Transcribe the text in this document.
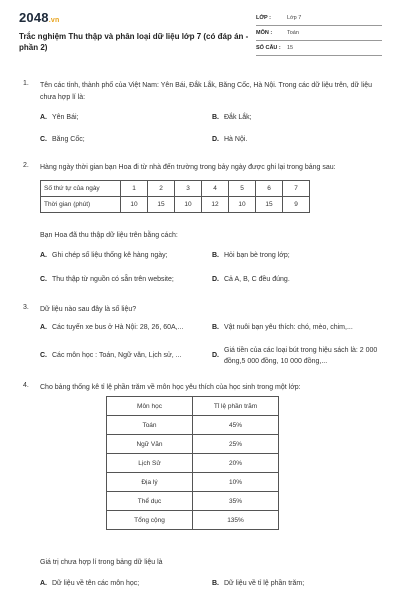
2048.vn
Trắc nghiệm Thu thập và phân loại dữ liệu lớp 7 (có đáp án - phần 2)
LỚP :	Lớp 7
MÔN :	Toán
SỐ CÂU : 15
1. Tên các tỉnh, thành phố của Việt Nam: Yên Bái, Đắk Lắk, Băng Cốc, Hà Nội. Trong các dữ liệu trên, dữ liệu chưa hợp lí là:
A. Yên Bái;	B. Đắk Lắk;
C. Băng Cốc;	D. Hà Nội.
2. Hàng ngày thời gian bạn Hoa đi từ nhà đến trường trong bảy ngày được ghi lại trong bảng sau:
Số thứ tự của ngày	1	2	3	4	5	6	7
Thời gian (phút)	10	15	10	12	10	15	9
Bạn Hoa đã thu thập dữ liệu trên bằng cách:
A. Ghi chép số liệu thống kê hàng ngày;	B. Hỏi bạn bè trong lớp;
C. Thu thập từ nguồn có sẵn trên website;	D. Cả A, B, C đều đúng.
3. Dữ liệu nào sau đây là số liệu?
A. Các tuyến xe bus ở Hà Nội: 28, 26, 60A,...	B. Vật nuôi bạn yêu thích: chó, mèo, chim,...
C. Các môn học : Toán, Ngữ văn, Lịch sử, ...	D.
Giá tiền của các loại bút trong hiệu sách là: 2 000 đồng,5 000 đồng, 10 000 đồng,...
4. Cho bảng thống kê tỉ lệ phần trăm về môn học yêu thích của học sinh trong một lớp:
Môn học	Tỉ lệ phần trăm
Toán	45%
Ngữ Văn	25%
Lịch Sử	20%
Địa lý	10%
Thể dục	35%
Tổng cộng	135%
Giá trị chưa hợp lí trong bảng dữ liệu là
A. Dữ liệu về tên các môn học;	B. Dữ liệu về tỉ lệ phần trăm;
